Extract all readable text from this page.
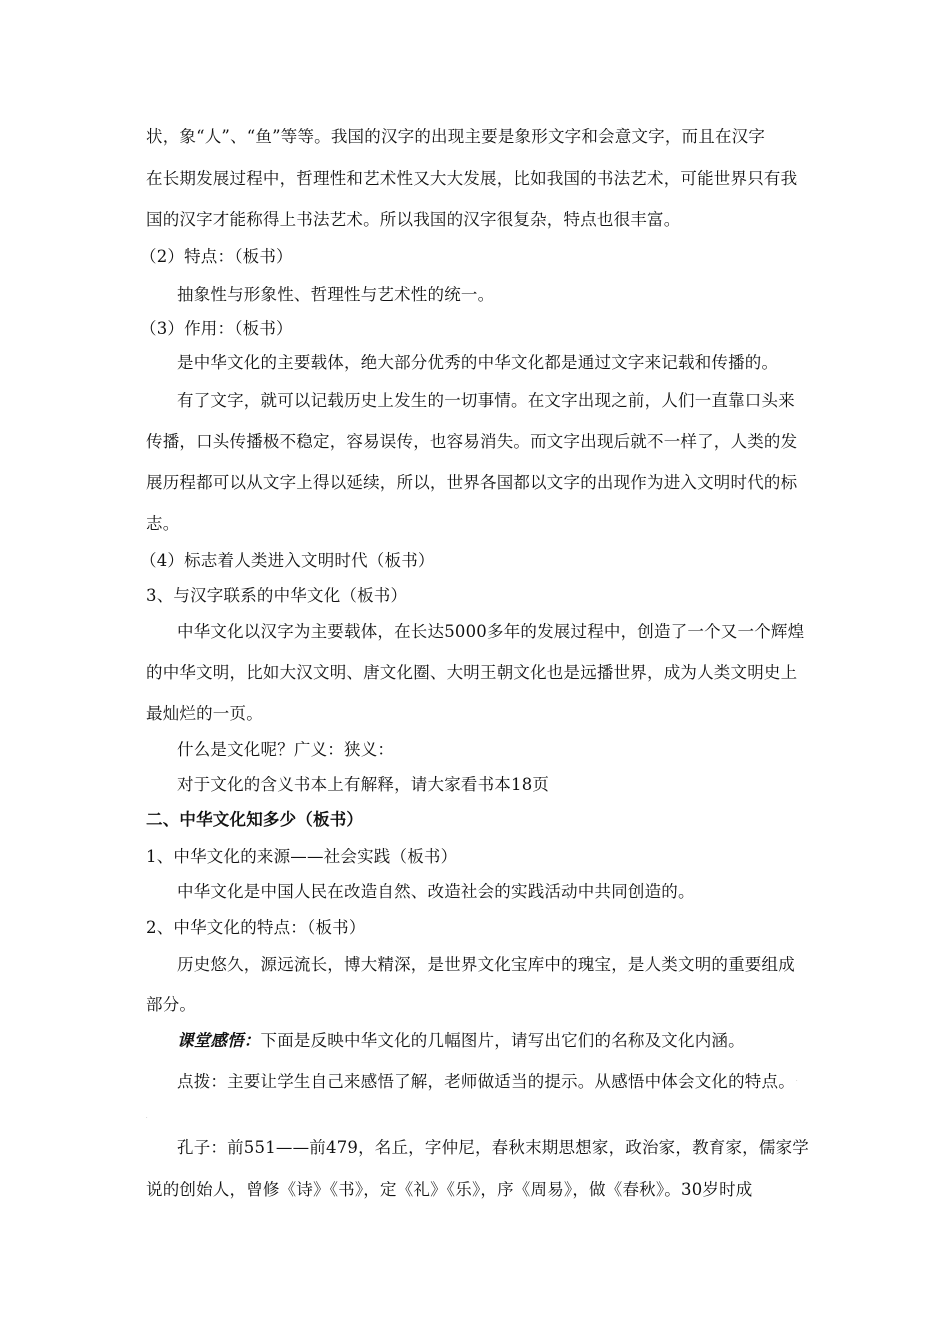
状，象“人”、“鱼”等等。我国的汉字的出现主要是象形文字和会意文字，而且在汉字
在长期发展过程中，哲理性和艺术性又大大发展，比如我国的书法艺术，可能世界只有我
国的汉字才能称得上书法艺术。所以我国的汉字很复杂，特点也很丰富。
（2）特点：（板书）
抽象性与形象性、哲理性与艺术性的统一。
（3）作用：（板书）
是中华文化的主要载体，绝大部分优秀的中华文化都是通过文字来记载和传播的。
有了文字，就可以记载历史上发生的一切事情。在文字出现之前，人们一直靠口头来
传播，口头传播极不稳定，容易误传，也容易消失。而文字出现后就不一样了，人类的发
展历程都可以从文字上得以延续，所以，世界各国都以文字的出现作为进入文明时代的标
志。
（4）标志着人类进入文明时代（板书）
3、与汉字联系的中华文化（板书）
中华文化以汉字为主要载体，在长达5000多年的发展过程中，创造了一个又一个辉煌
的中华文明，比如大汉文明、唐文化圈、大明王朝文化也是远播世界，成为人类文明史上
最灿烂的一页。
什么是文化呢？广义：狭义：
对于文化的含义书本上有解释，请大家看书本18页
二、中华文化知多少（板书）
1、中华文化的来源——社会实践（板书）
中华文化是中国人民在改造自然、改造社会的实践活动中共同创造的。
2、中华文化的特点：（板书）
历史悠久，源远流长，博大精深，是世界文化宝库中的瑰宝，是人类文明的重要组成
部分。
课堂感悟：下面是反映中华文化的几幅图片，请写出它们的名称及文化内涵。
点拨：主要让学生自己来感悟了解，老师做适当的提示。从感悟中体会文化的特点。 ·
·
孔子：前551——前479，名丘，字仲尼，春秋末期思想家，政治家，教育家，儒家学
说的创始人，曾修《诗》《书》，定《礼》《乐》，序《周易》，做《春秋》。30岁时成
